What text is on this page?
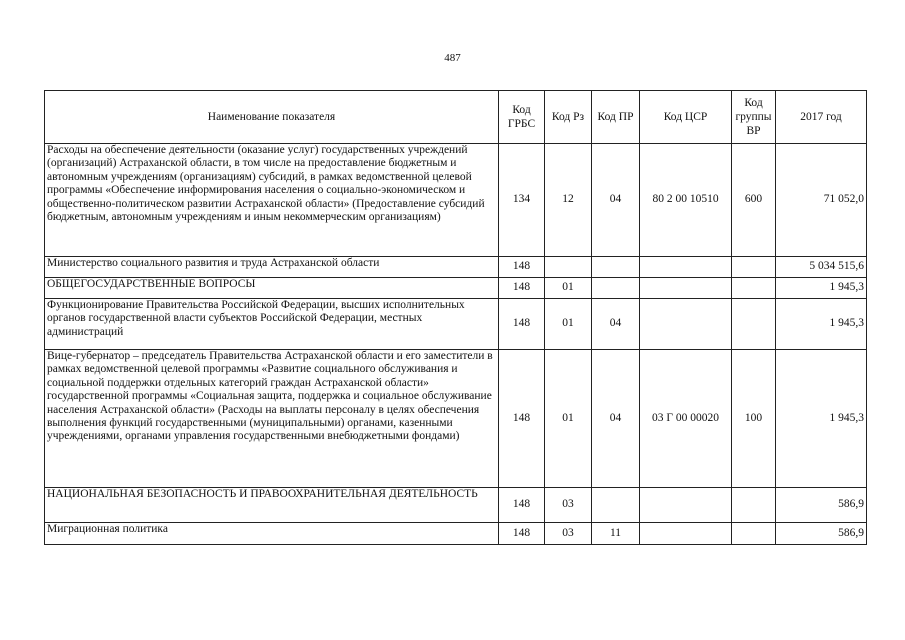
487
Наименование показателя	Код ГРБС	Код Рз	Код ПР	Код ЦСР	Код группы ВР	2017 год
Расходы на обеспечение деятельности (оказание услуг) государственных учреждений (организаций) Астраханской области, в том числе на предоставление бюджетным и автономным учреждениям (организациям) субсидий, в рамках ведомственной целевой программы «Обеспечение информирования населения о социально-экономическом и общественно-политическом развитии Астраханской области» (Предоставление субсидий бюджетным, автономным учреждениям и иным некоммерческим организациям)	134	12	04	80 2 00 10510	600	71 052,0
Министерство социального развития и труда Астраханской области	148					5 034 515,6
ОБЩЕГОСУДАРСТВЕННЫЕ ВОПРОСЫ	148	01				1 945,3
Функционирование Правительства Российской Федерации, высших исполнительных органов государственной власти субъектов Российской Федерации, местных администраций	148	01	04			1 945,3
Вице-губернатор – председатель Правительства Астраханской области и его заместители в рамках ведомственной целевой программы «Развитие социального обслуживания и социальной поддержки отдельных категорий граждан Астраханской области» государственной программы «Социальная защита, поддержка и социальное обслуживание населения Астраханской области» (Расходы на выплаты персоналу в целях обеспечения выполнения функций государственными (муниципальными) органами, казенными учреждениями, органами управления государственными внебюджетными фондами)	148	01	04	03 Г 00 00020	100	1 945,3
НАЦИОНАЛЬНАЯ БЕЗОПАСНОСТЬ И ПРАВООХРАНИТЕЛЬНАЯ ДЕЯТЕЛЬНОСТЬ	148	03				586,9
Миграционная политика	148	03	11			586,9
